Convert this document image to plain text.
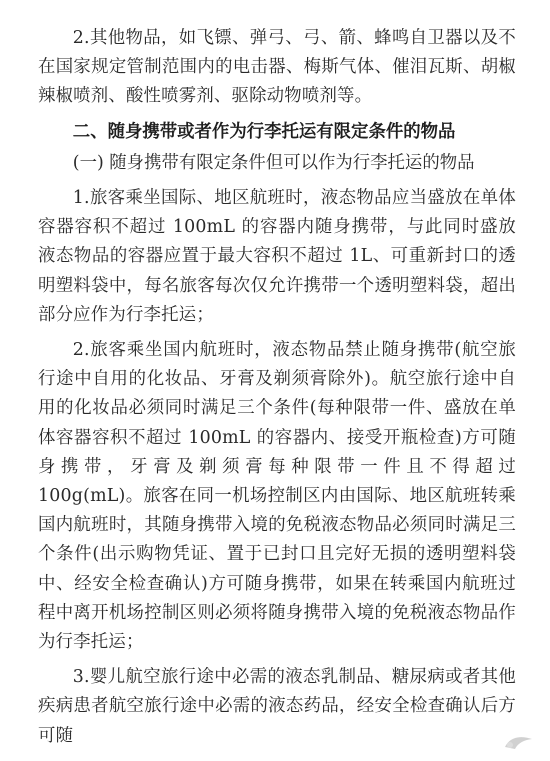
2.其他物品，如飞镖、弹弓、弓、箭、蜂鸣自卫器以及不在国家规定管制范围内的电击器、梅斯气体、催泪瓦斯、胡椒辣椒喷剂、酸性喷雾剂、驱除动物喷剂等。

二、随身携带或者作为行李托运有限定条件的物品

(一) 随身携带有限定条件但可以作为行李托运的物品

1.旅客乘坐国际、地区航班时，液态物品应当盛放在单体容器容积不超过 100mL 的容器内随身携带，与此同时盛放液态物品的容器应置于最大容积不超过 1L、可重新封口的透明塑料袋中，每名旅客每次仅允许携带一个透明塑料袋，超出部分应作为行李托运；

2.旅客乘坐国内航班时，液态物品禁止随身携带(航空旅行途中自用的化妆品、牙膏及剃须膏除外)。航空旅行途中自用的化妆品必须同时满足三个条件(每种限带一件、盛放在单体容器容积不超过 100mL 的容器内、接受开瓶检查)方可随身携带，牙膏及剃须膏每种限带一件且不得超过 100g(mL)。旅客在同一机场控制区内由国际、地区航班转乘国内航班时，其随身携带入境的免税液态物品必须同时满足三个条件(出示购物凭证、置于已封口且完好无损的透明塑料袋中、经安全检查确认)方可随身携带，如果在转乘国内航班过程中离开机场控制区则必须将随身携带入境的免税液态物品作为行李托运；

3.婴儿航空旅行途中必需的液态乳制品、糖尿病或者其他疾病患者航空旅行途中必需的液态药品，经安全检查确认后方可随
